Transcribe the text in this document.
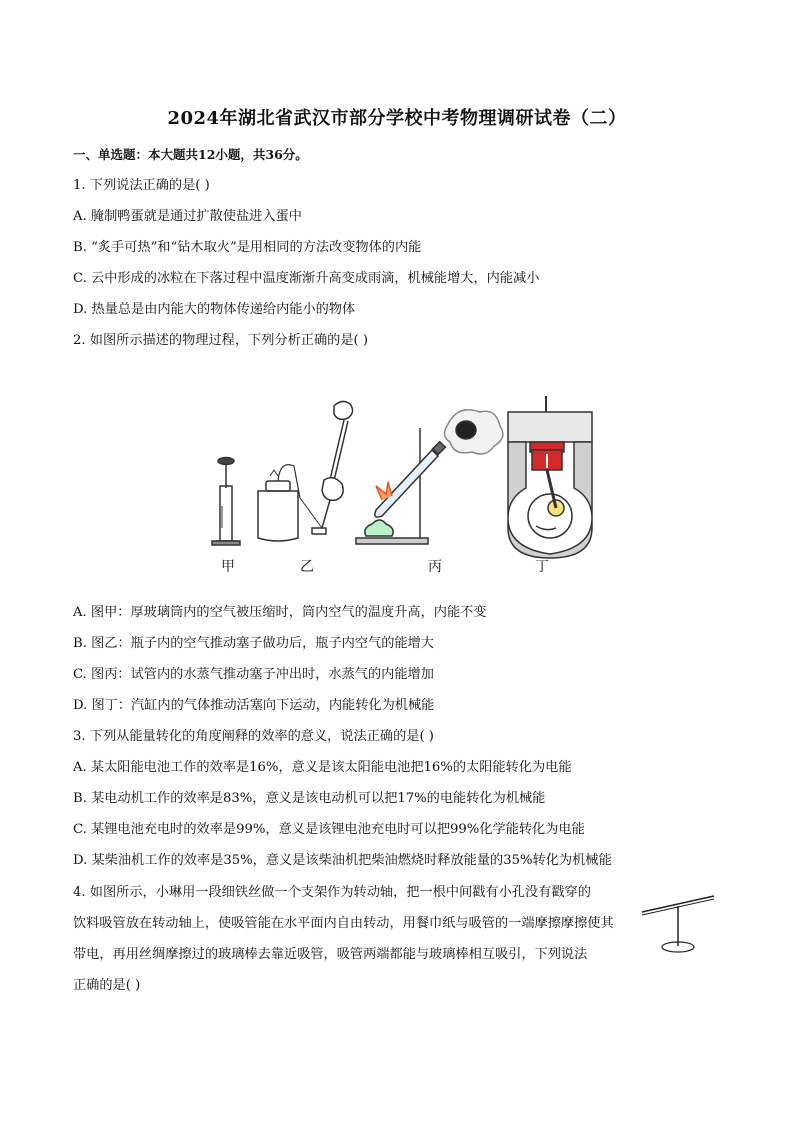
2024年湖北省武汉市部分学校中考物理调研试卷（二）
一、单选题：本大题共12小题，共36分。
1. 下列说法正确的是( )
A. 腌制鸭蛋就是通过扩散使盐进入蛋中
B. “炙手可热”和“钻木取火”是用相同的方法改变物体的内能
C. 云中形成的冰粒在下落过程中温度渐渐升高变成雨滴，机械能增大，内能减小
D. 热量总是由内能大的物体传递给内能小的物体
2. 如图所示描述的物理过程，下列分析正确的是( )
甲	乙	丙	丁
A. 图甲：厚玻璃筒内的空气被压缩时，筒内空气的温度升高，内能不变
B. 图乙：瓶子内的空气推动塞子做功后，瓶子内空气的能增大
C. 图丙：试管内的水蒸气推动塞子冲出时，水蒸气的内能增加
D. 图丁：汽缸内的气体推动活塞向下运动，内能转化为机械能
3. 下列从能量转化的角度阐释的效率的意义，说法正确的是( )
A. 某太阳能电池工作的效率是16%，意义是该太阳能电池把16%的太阳能转化为电能
B. 某电动机工作的效率是83%，意义是该电动机可以把17%的电能转化为机械能
C. 某锂电池充电时的效率是99%，意义是该锂电池充电时可以把99%化学能转化为电能
D. 某柴油机工作的效率是35%，意义是该柴油机把柴油燃烧时释放能量的35%转化为机械能
4. 如图所示，小琳用一段细铁丝做一个支架作为转动轴，把一根中间戳有小孔没有戳穿的
饮料吸管放在转动轴上，使吸管能在水平面内自由转动，用餐巾纸与吸管的一端摩擦摩擦使其
带电，再用丝绸摩擦过的玻璃棒去靠近吸管，吸管两端都能与玻璃棒相互吸引，下列说法
正确的是( )
